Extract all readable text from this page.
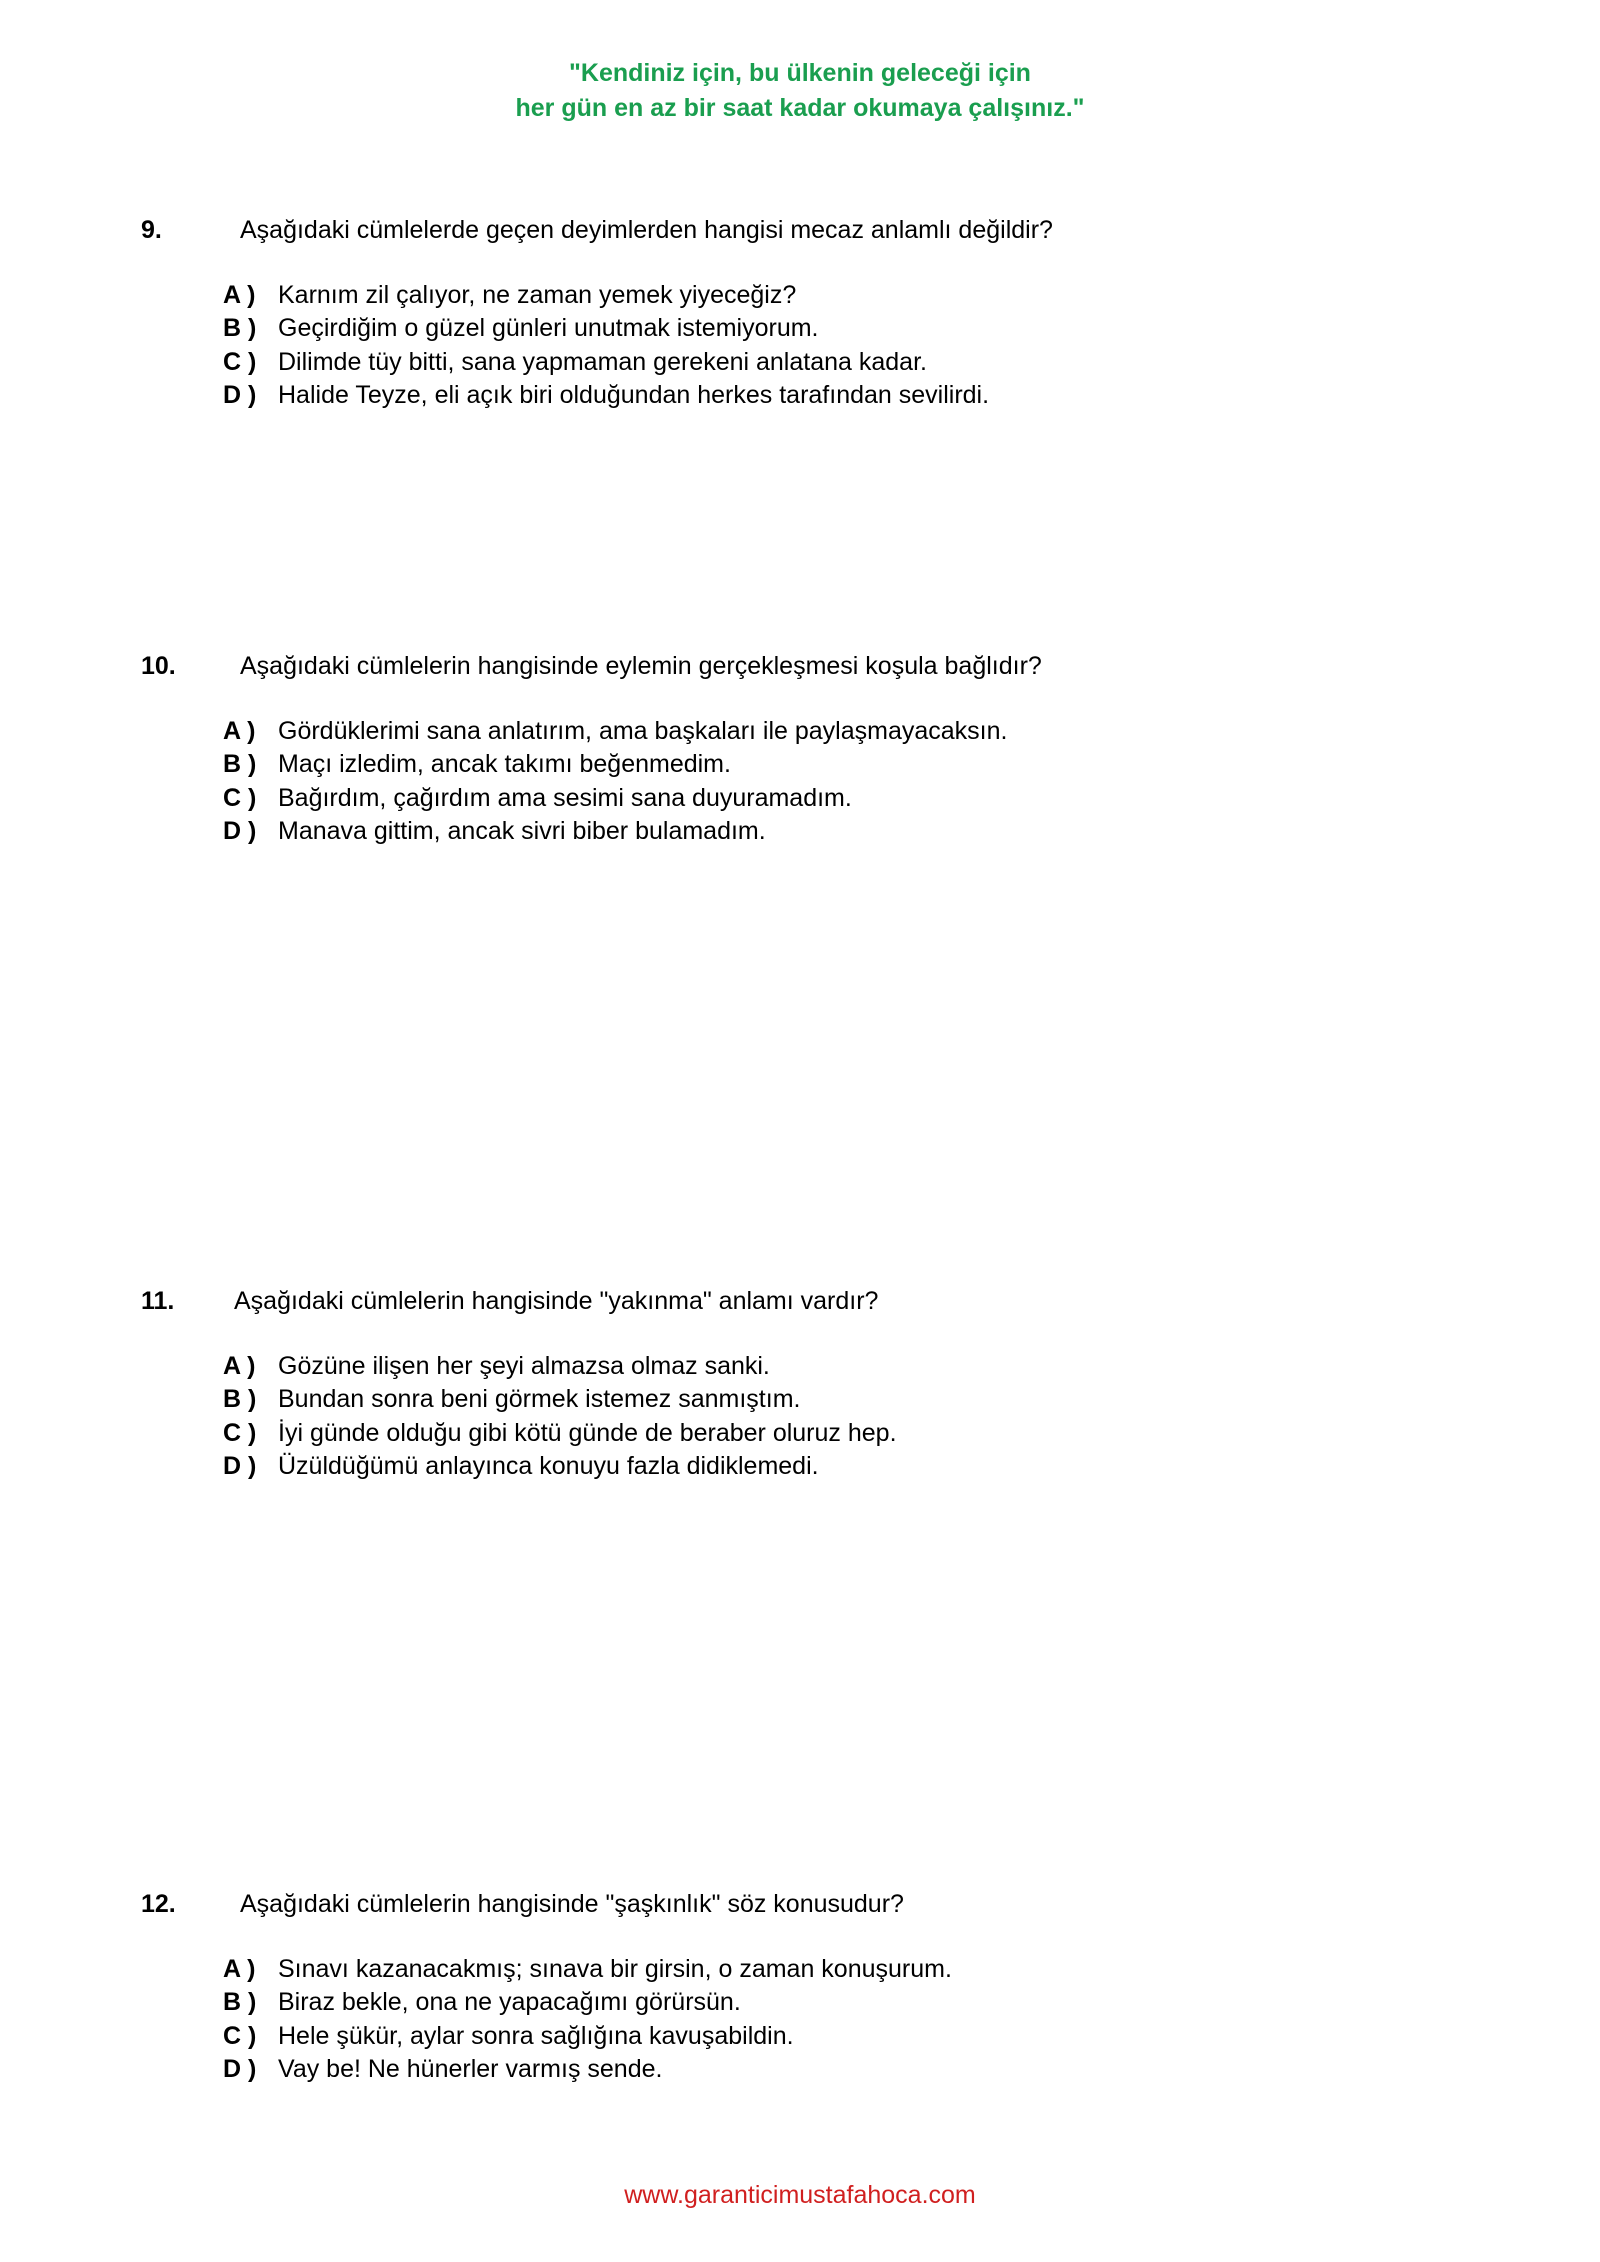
"Kendiniz için, bu ülkenin geleceği için
her gün en az bir saat kadar okumaya çalışınız."
9.	Aşağıdaki cümlelerde geçen deyimlerden hangisi mecaz anlamlı değildir?
A ) Karnım zil çalıyor, ne zaman yemek yiyeceğiz?
B ) Geçirdiğim o güzel günleri unutmak istemiyorum.
C ) Dilimde tüy bitti, sana yapmaman gerekeni anlatana kadar.
D ) Halide Teyze, eli açık biri olduğundan herkes tarafından sevilirdi.
10.	Aşağıdaki cümlelerin hangisinde eylemin gerçekleşmesi koşula bağlıdır?
A ) Gördüklerimi sana anlatırım, ama başkaları ile paylaşmayacaksın.
B ) Maçı izledim, ancak takımı beğenmedim.
C ) Bağırdım, çağırdım ama sesimi sana duyuramadım.
D ) Manava gittim, ancak sivri biber bulamadım.
11. Aşağıdaki cümlelerin hangisinde "yakınma" anlamı vardır?
A ) Gözüne ilişen her şeyi almazsa olmaz sanki.
B ) Bundan sonra beni görmek istemez sanmıştım.
C ) İyi günde olduğu gibi kötü günde de beraber oluruz hep.
D ) Üzüldüğümü anlayınca konuyu fazla didiklemedi.
12.	Aşağıdaki cümlelerin hangisinde "şaşkınlık" söz konusudur?
A ) Sınavı kazanacakmış; sınava bir girsin, o zaman konuşurum.
B ) Biraz bekle, ona ne yapacağımı görürsün.
C ) Hele şükür, aylar sonra sağlığına kavuşabildin.
D ) Vay be! Ne hünerler varmış sende.
www.garanticimustafahoca.com
